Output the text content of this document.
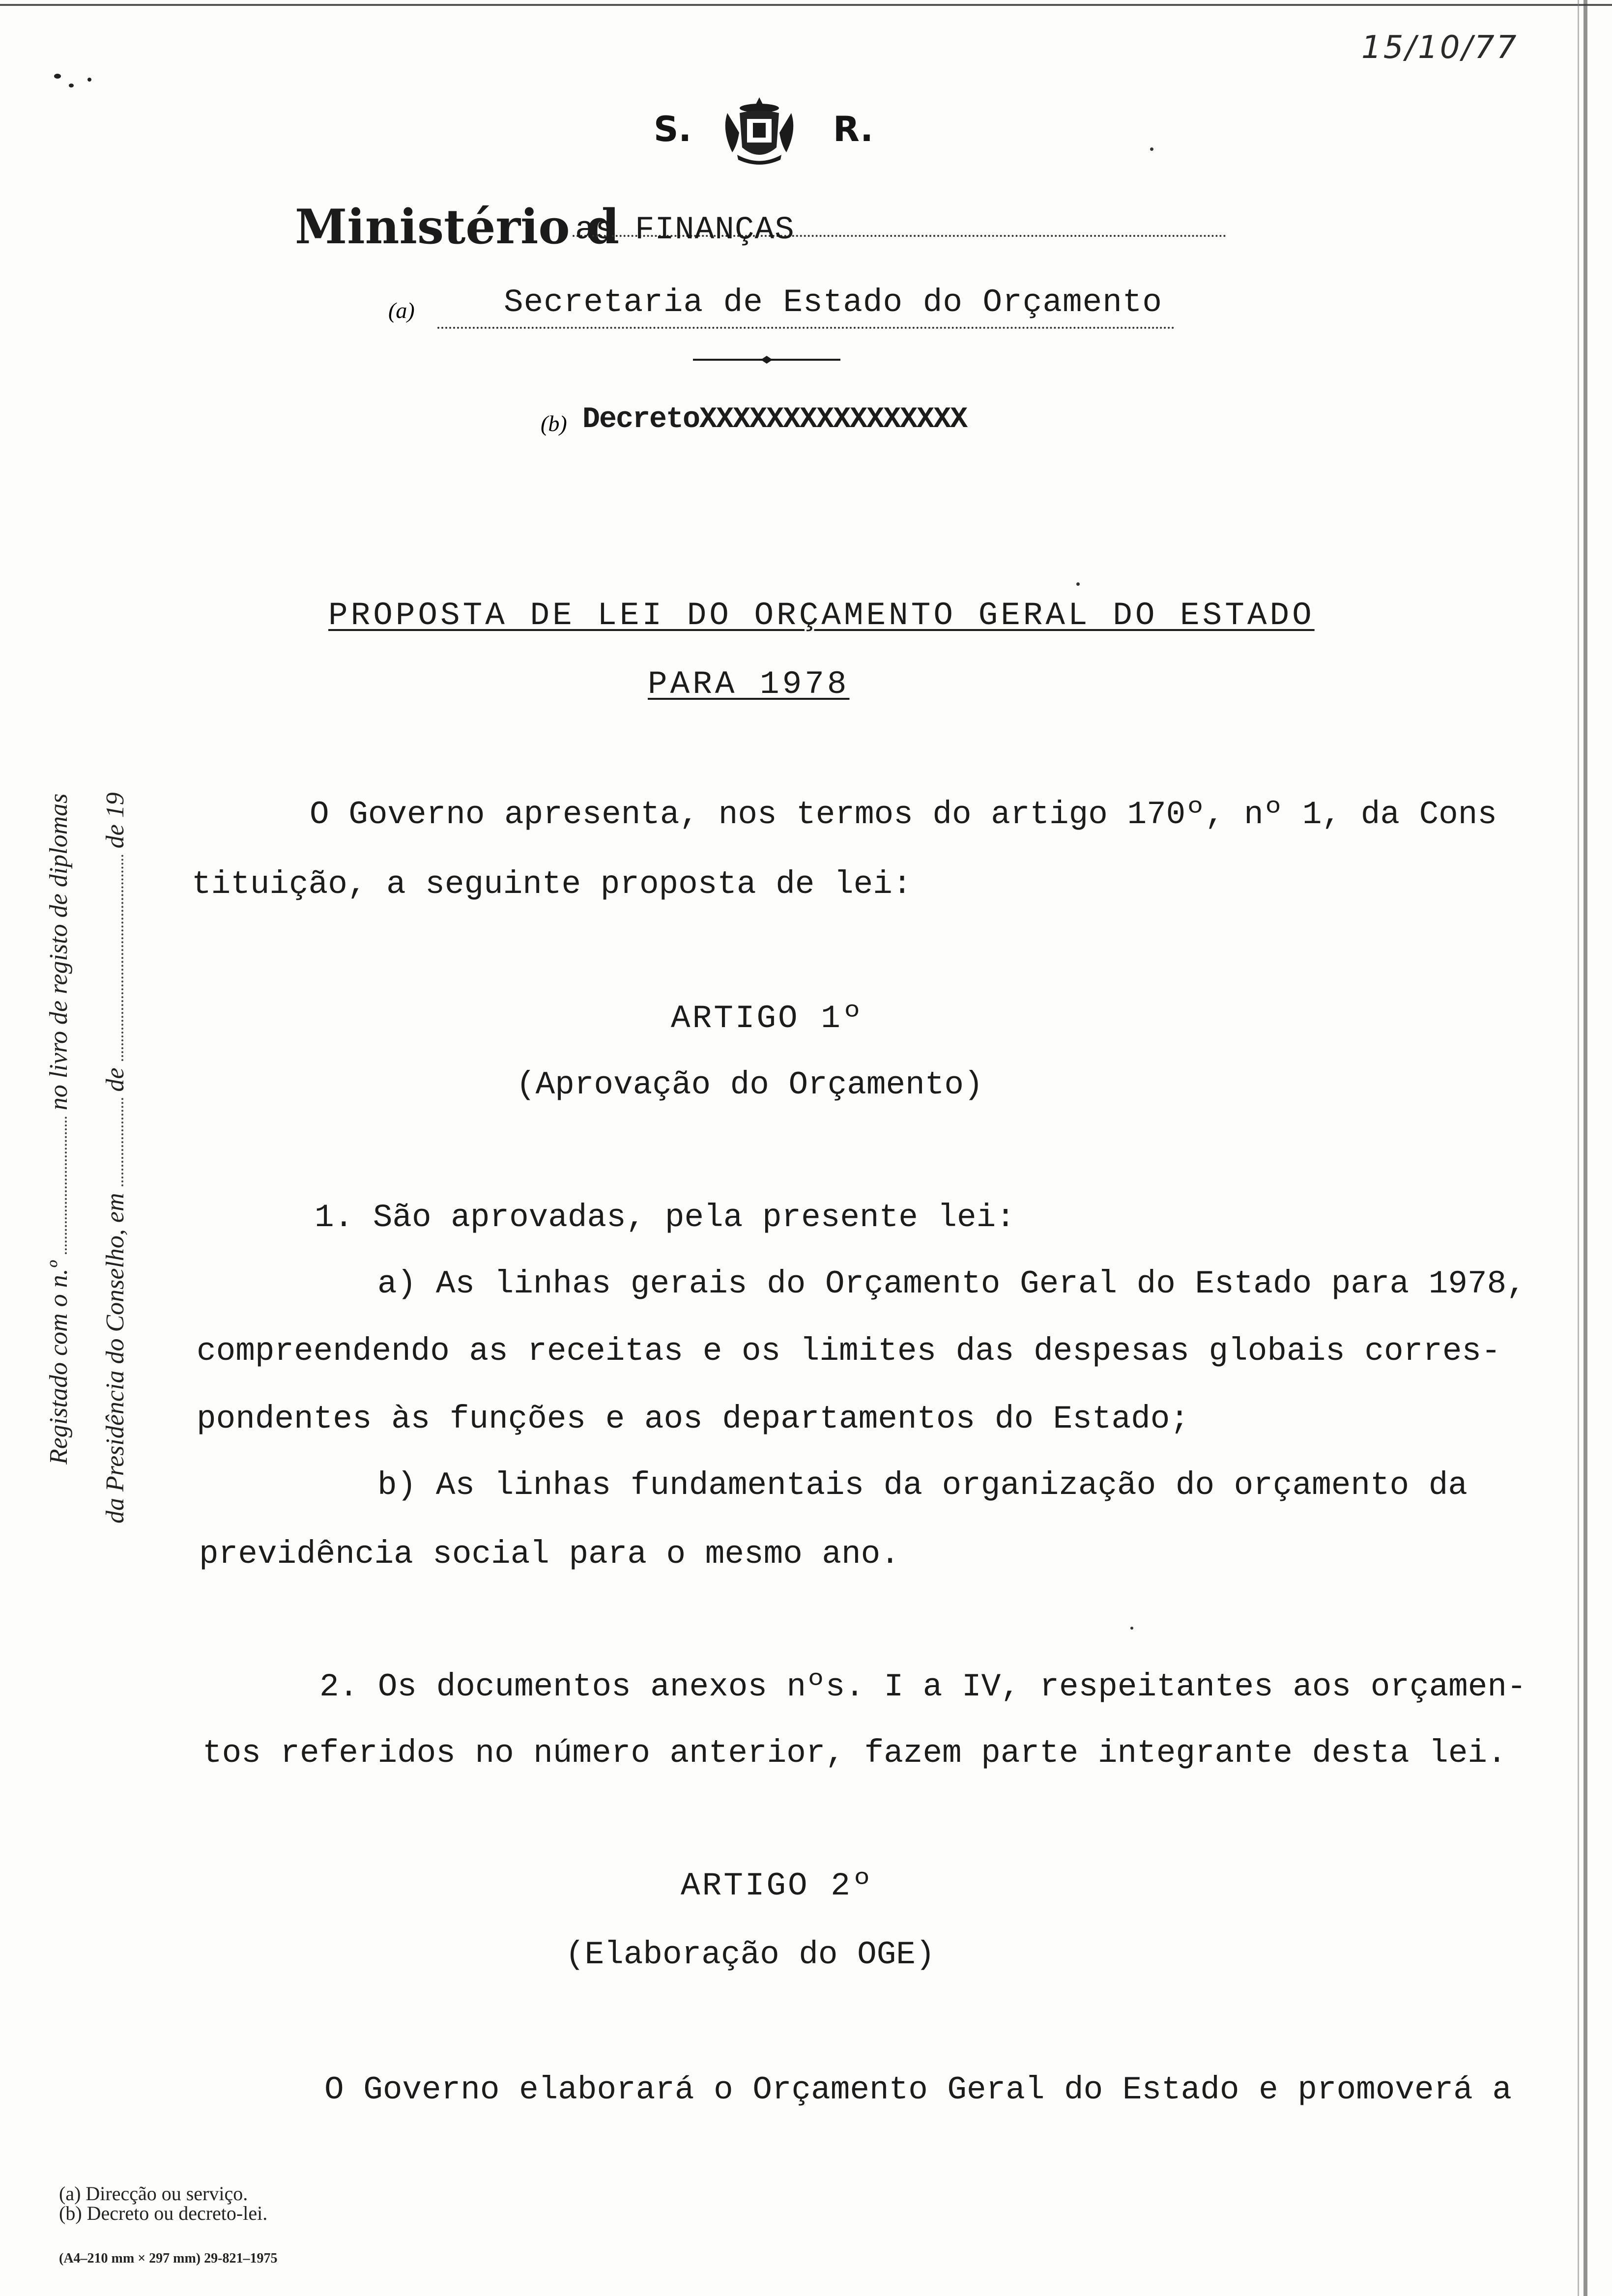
15/10/77
S.	R.
Ministério d
as FINANÇAS
(a)	Secretaria de Estado do Orçamento
(b) DecretoXXXXXXXXXXXXXXXX
Registado com o n.º  no livro de registo de diplomas
da Presidência do Conselho, em  de  de 19
PROPOSTA DE LEI DO ORÇAMENTO GERAL DO ESTADO
PARA 1978
O Governo apresenta, nos termos do artigo 170º, nº 1, da Cons
tituição, a seguinte proposta de lei:
ARTIGO 1º
(Aprovação do Orçamento)
1. São aprovadas, pela presente lei:
a) As linhas gerais do Orçamento Geral do Estado para 1978,
compreendendo as receitas e os limites das despesas globais corres-
pondentes às funções e aos departamentos do Estado;
b) As linhas fundamentais da organização do orçamento da
previdência social para o mesmo ano.
2. Os documentos anexos nºs. I a IV, respeitantes aos orçamen-
tos referidos no número anterior, fazem parte integrante desta lei.
ARTIGO 2º
(Elaboração do OGE)
O Governo elaborará o Orçamento Geral do Estado e promoverá a
(a) Direcção ou serviço.
(b) Decreto ou decreto-lei.
(A4–210 mm × 297 mm) 29-821–1975
